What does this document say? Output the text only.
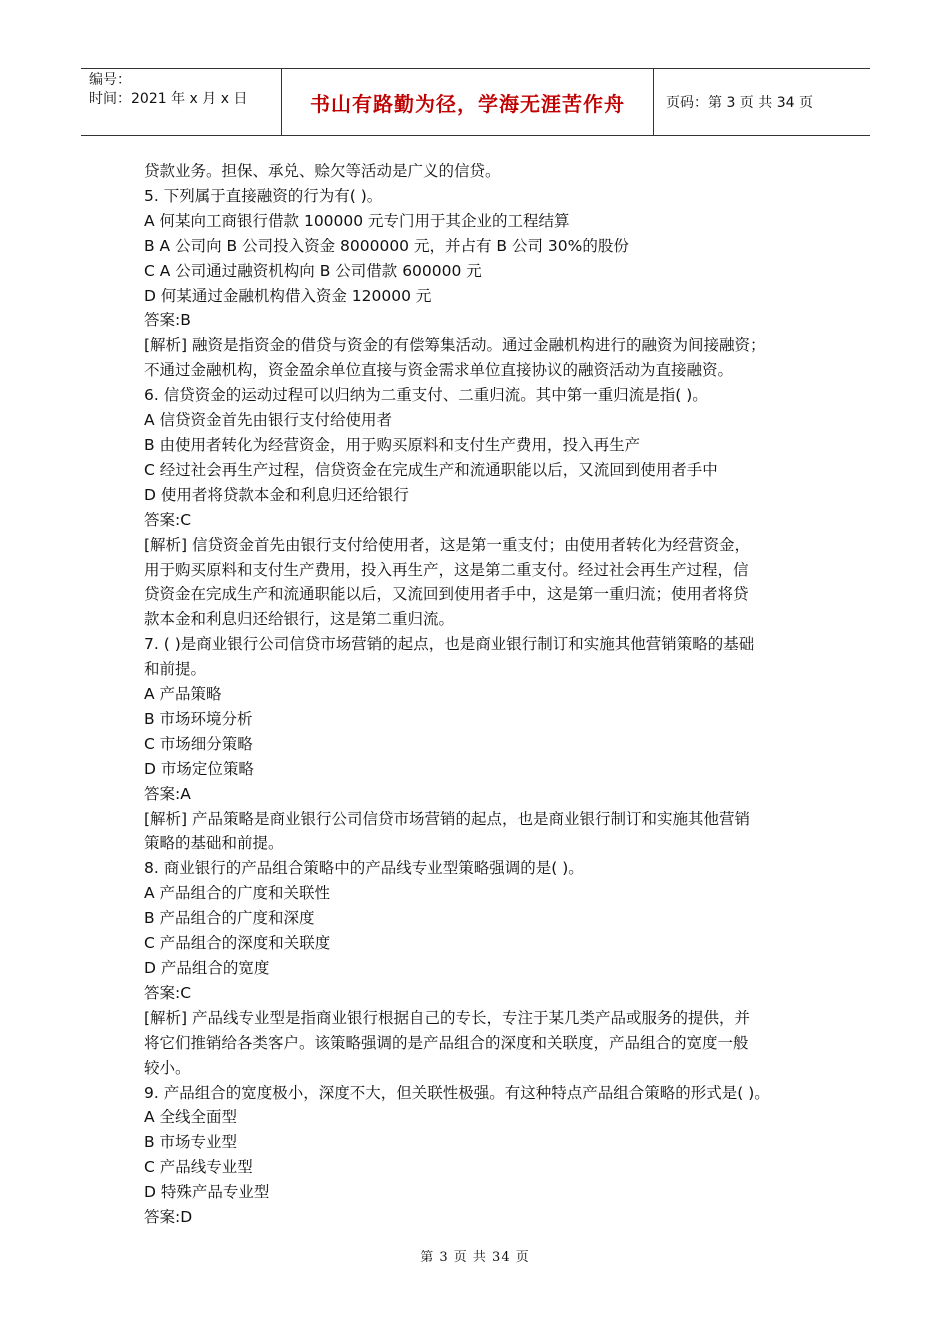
编号：
时间：2021 年 x 月 x 日	书山有路勤为径，学海无涯苦作舟	页码：第 3 页 共 34 页
贷款业务。担保、承兑、赊欠等活动是广义的信贷。
5. 下列属于直接融资的行为有( )。
A 何某向工商银行借款 100000 元专门用于其企业的工程结算
B A 公司向 B 公司投入资金 8000000 元，并占有 B 公司 30%的股份
C A 公司通过融资机构向 B 公司借款 600000 元
D 何某通过金融机构借入资金 120000 元
答案:B
[解析] 融资是指资金的借贷与资金的有偿筹集活动。通过金融机构进行的融资为间接融资；
不通过金融机构，资金盈余单位直接与资金需求单位直接协议的融资活动为直接融资。
6. 信贷资金的运动过程可以归纳为二重支付、二重归流。其中第一重归流是指( )。
A 信贷资金首先由银行支付给使用者
B 由使用者转化为经营资金，用于购买原料和支付生产费用，投入再生产
C 经过社会再生产过程，信贷资金在完成生产和流通职能以后，又流回到使用者手中
D 使用者将贷款本金和利息归还给银行
答案:C
[解析] 信贷资金首先由银行支付给使用者，这是第一重支付；由使用者转化为经营资金，
用于购买原料和支付生产费用，投入再生产，这是第二重支付。经过社会再生产过程，信
贷资金在完成生产和流通职能以后，又流回到使用者手中，这是第一重归流；使用者将贷
款本金和利息归还给银行，这是第二重归流。
7. ( )是商业银行公司信贷市场营销的起点，也是商业银行制订和实施其他营销策略的基础
和前提。
A 产品策略
B 市场环境分析
C 市场细分策略
D 市场定位策略
答案:A
[解析] 产品策略是商业银行公司信贷市场营销的起点，也是商业银行制订和实施其他营销
策略的基础和前提。
8. 商业银行的产品组合策略中的产品线专业型策略强调的是( )。
A 产品组合的广度和关联性
B 产品组合的广度和深度
C 产品组合的深度和关联度
D 产品组合的宽度
答案:C
[解析] 产品线专业型是指商业银行根据自己的专长，专注于某几类产品或服务的提供，并
将它们推销给各类客户。该策略强调的是产品组合的深度和关联度，产品组合的宽度一般
较小。
9. 产品组合的宽度极小，深度不大，但关联性极强。有这种特点产品组合策略的形式是( )。
A 全线全面型
B 市场专业型
C 产品线专业型
D 特殊产品专业型
答案:D
第 3 页 共 34 页
